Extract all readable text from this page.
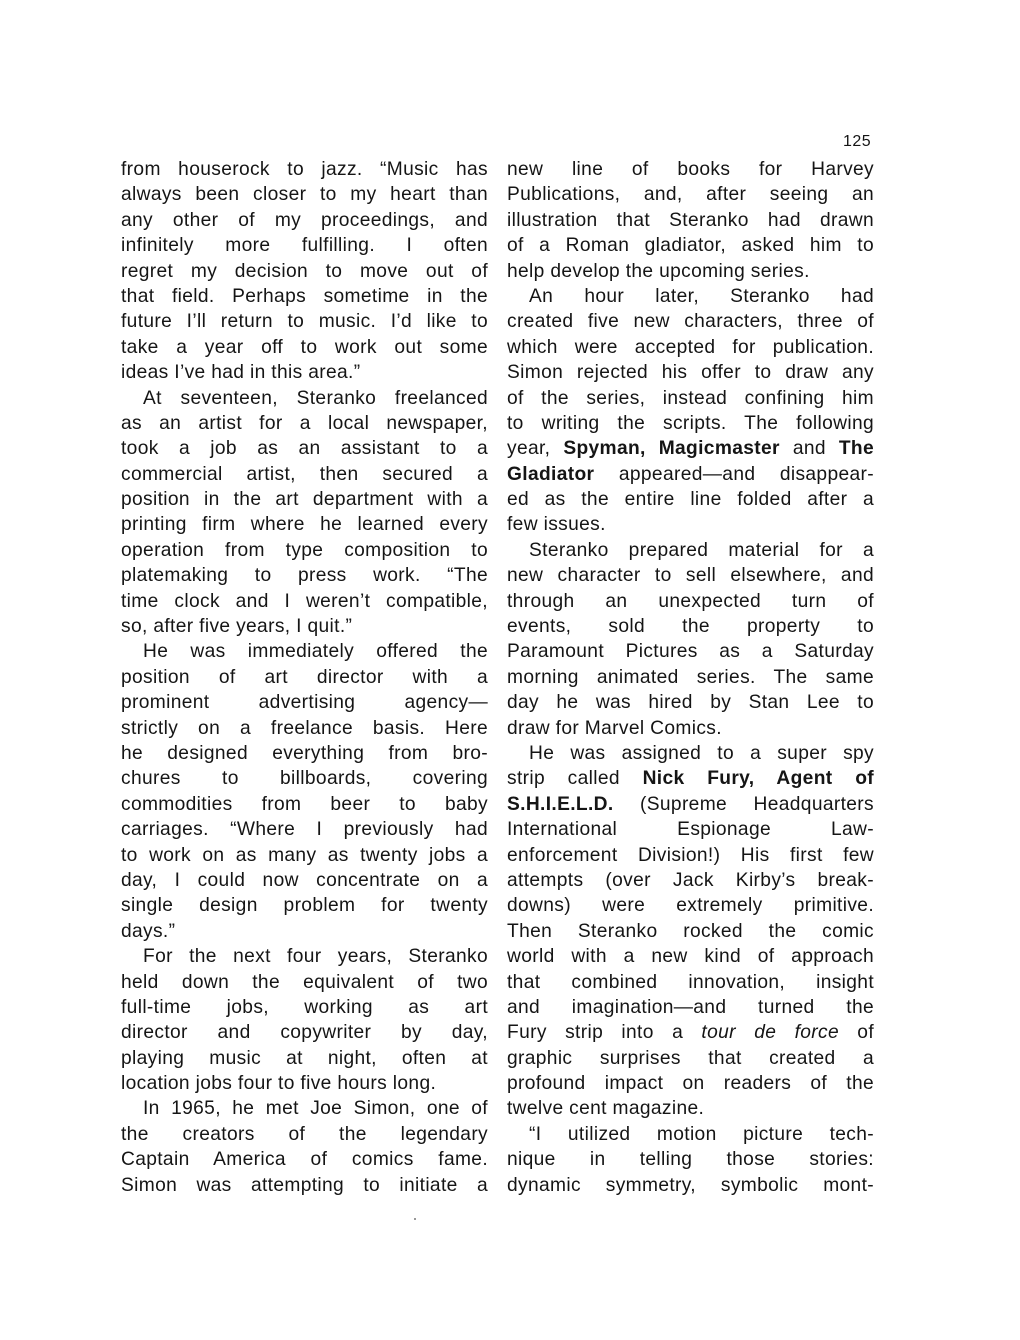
125
from houserock to jazz. “Music has
always been closer to my heart than
any other of my proceedings, and
infinitely more fulfilling. I often
regret my decision to move out of
that field. Perhaps sometime in the
future I’ll return to music. I’d like to
take a year off to work out some
ideas I’ve had in this area.”
At seventeen, Steranko freelanced
as an artist for a local newspaper,
took a job as an assistant to a
commercial artist, then secured a
position in the art department with a
printing firm where he learned every
operation from type composition to
platemaking to press work. “The
time clock and I weren’t compatible,
so, after five years, I quit.”
He was immediately offered the
position of art director with a
prominent advertising agency—
strictly on a freelance basis. Here
he designed everything from bro-
chures to billboards, covering
commodities from beer to baby
carriages. “Where I previously had
to work on as many as twenty jobs a
day, I could now concentrate on a
single design problem for twenty
days.”
For the next four years, Steranko
held down the equivalent of two
full-time jobs, working as art
director and copywriter by day,
playing music at night, often at
location jobs four to five hours long.
In 1965, he met Joe Simon, one of
the creators of the legendary
Captain America of comics fame.
Simon was attempting to initiate a
new line of books for Harvey
Publications, and, after seeing an
illustration that Steranko had drawn
of a Roman gladiator, asked him to
help develop the upcoming series.
An hour later, Steranko had
created five new characters, three of
which were accepted for publication.
Simon rejected his offer to draw any
of the series, instead confining him
to writing the scripts. The following
year, Spyman, Magicmaster and The
Gladiator appeared—and disappear-
ed as the entire line folded after a
few issues.
Steranko prepared material for a
new character to sell elsewhere, and
through an unexpected turn of
events, sold the property to
Paramount Pictures as a Saturday
morning animated series. The same
day he was hired by Stan Lee to
draw for Marvel Comics.
He was assigned to a super spy
strip called Nick Fury, Agent of
S.H.I.E.L.D. (Supreme Headquarters
International Espionage Law-
enforcement Division!) His first few
attempts (over Jack Kirby’s break-
downs) were extremely primitive.
Then Steranko rocked the comic
world with a new kind of approach
that combined innovation, insight
and imagination—and turned the
Fury strip into a tour de force of
graphic surprises that created a
profound impact on readers of the
twelve cent magazine.
“I utilized motion picture tech-
nique in telling those stories:
dynamic symmetry, symbolic mont-
